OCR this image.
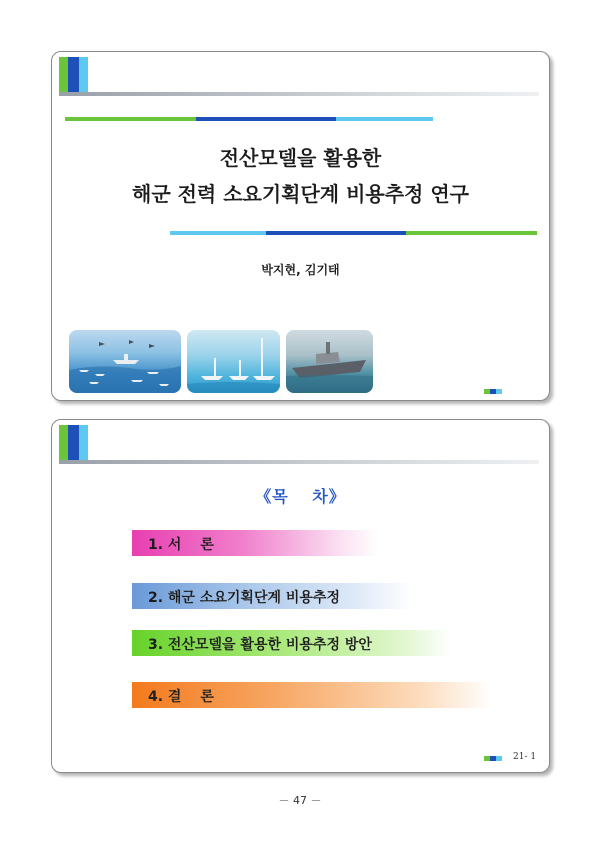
전산모델을 활용한
해군 전력 소요기획단계 비용추정 연구
박지현, 김기태
《목　 차》
1. 서　 론
2. 해군 소요기획단계 비용추정
3. 전산모델을 활용한 비용추정 방안
4. 결　 론
21- 1
－ 47 －
